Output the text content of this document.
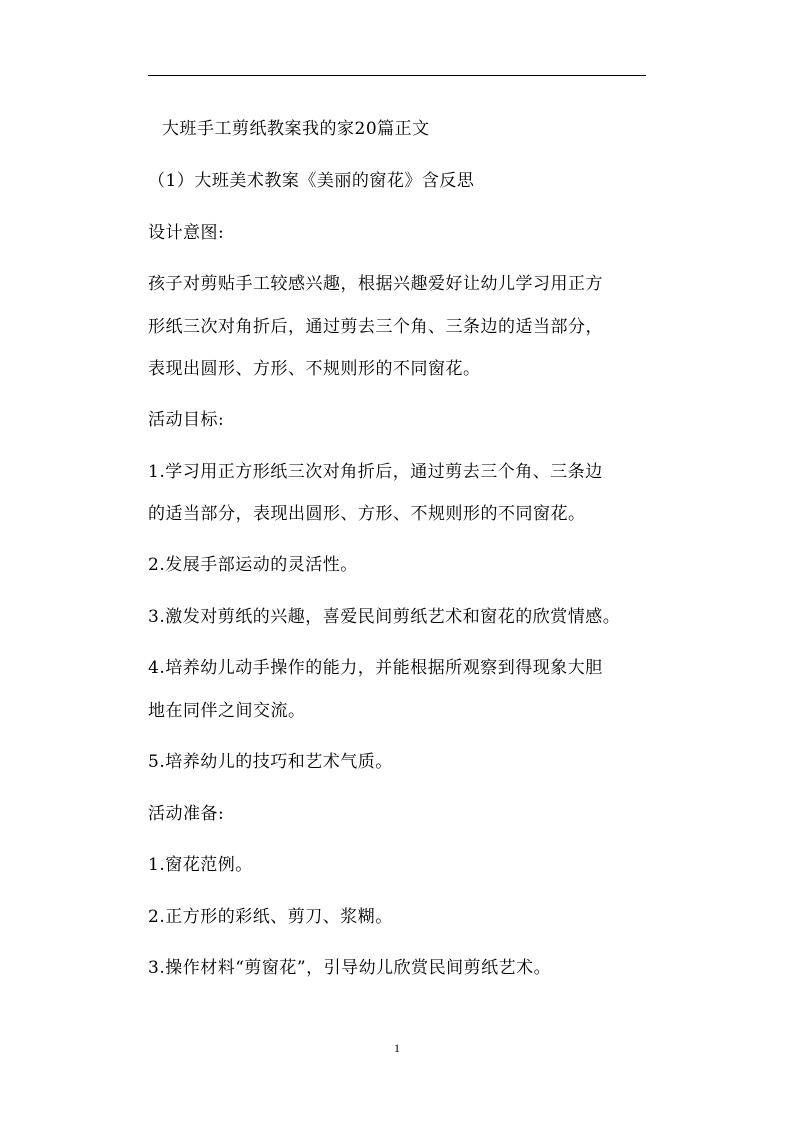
大班手工剪纸教案我的家20篇正文
（1）大班美术教案《美丽的窗花》含反思
设计意图:
孩子对剪贴手工较感兴趣，根据兴趣爱好让幼儿学习用正方
形纸三次对角折后，通过剪去三个角、三条边的适当部分，
表现出圆形、方形、不规则形的不同窗花。
活动目标:
1.学习用正方形纸三次对角折后，通过剪去三个角、三条边
的适当部分，表现出圆形、方形、不规则形的不同窗花。
2.发展手部运动的灵活性。
3.激发对剪纸的兴趣，喜爱民间剪纸艺术和窗花的欣赏情感。
4.培养幼儿动手操作的能力，并能根据所观察到得现象大胆
地在同伴之间交流。
5.培养幼儿的技巧和艺术气质。
活动准备:
1.窗花范例。
2.正方形的彩纸、剪刀、浆糊。
3.操作材料“剪窗花”，引导幼儿欣赏民间剪纸艺术。
1
